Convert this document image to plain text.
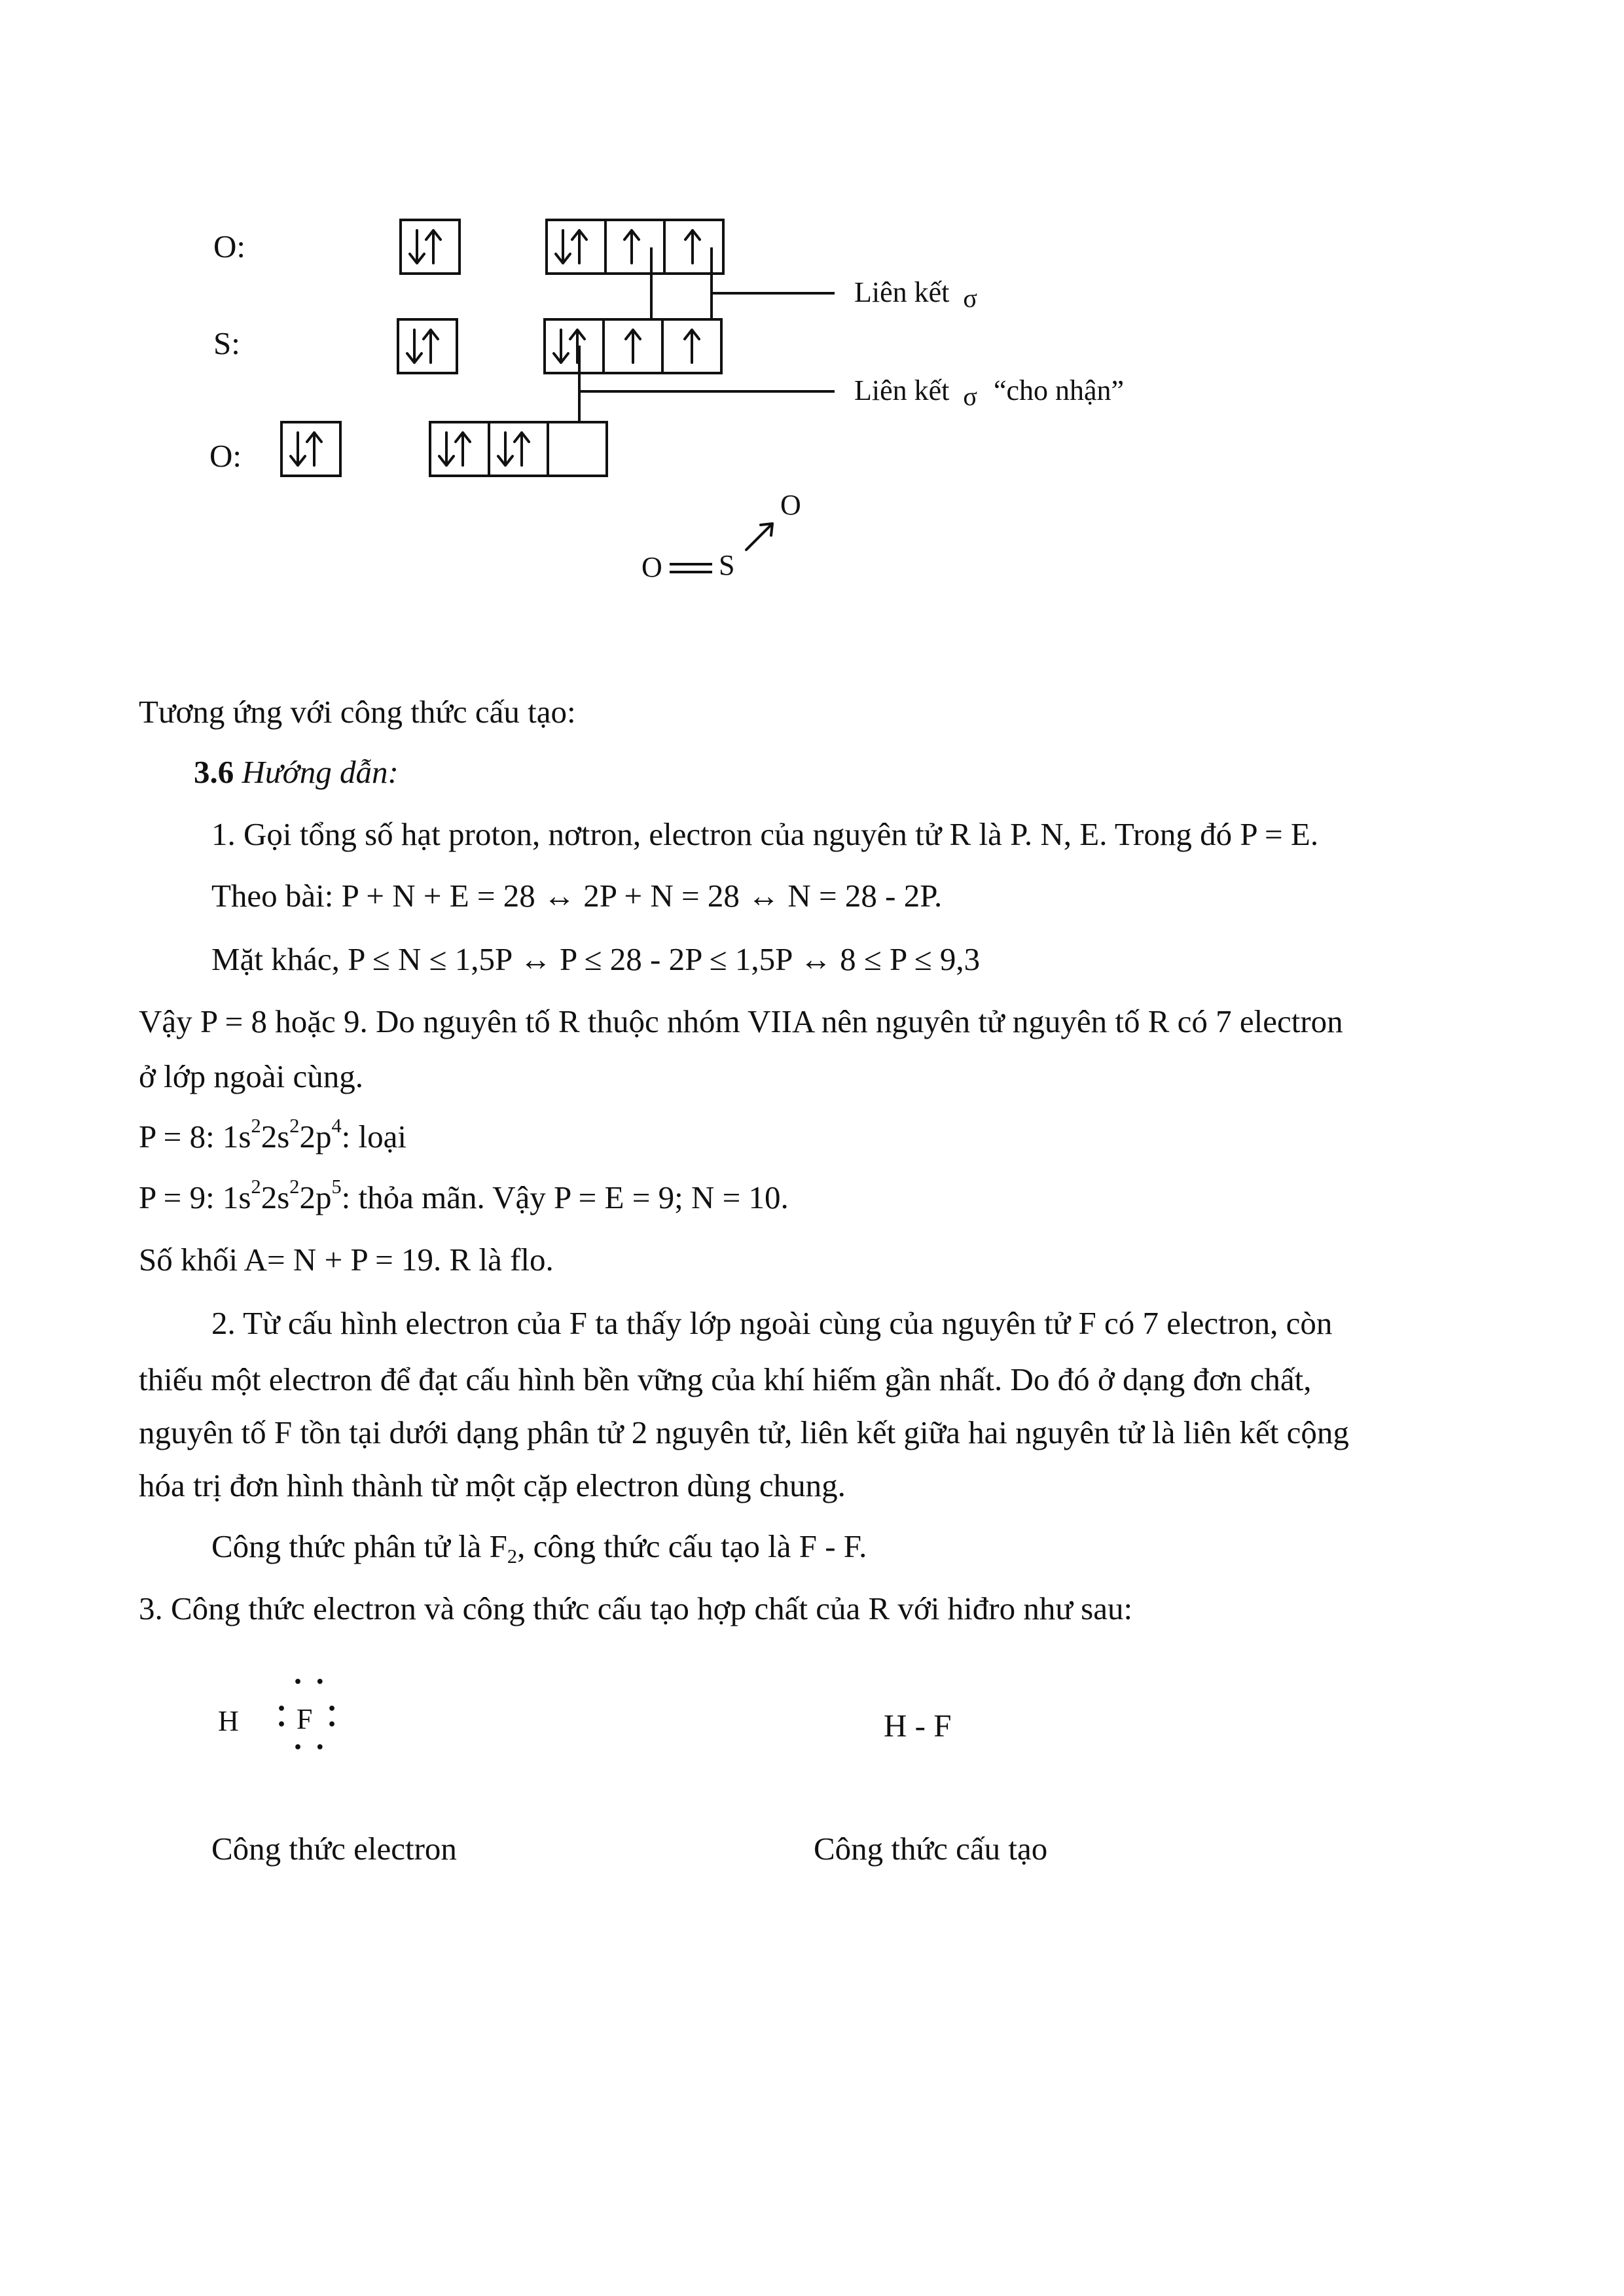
O:
S:
O:
Liên kết σ
Liên kết σ “cho nhận”
O S
O
Tương ứng với công thức cấu tạo:
3.6 Hướng dẫn:
1. Gọi tổng số hạt proton, nơtron, electron của nguyên tử R là P. N, E. Trong đó P = E.
Theo bài: P + N + E = 28 ↔ 2P + N = 28 ↔ N = 28 - 2P.
Mặt khác, P ≤ N ≤ 1,5P ↔ P ≤ 28 - 2P ≤ 1,5P ↔ 8 ≤ P ≤ 9,3
Vậy P = 8 hoặc 9. Do nguyên tố R thuộc nhóm VIIA nên nguyên tử nguyên tố R có 7 electron
ở lớp ngoài cùng.
P = 8: $1s^22s^22p^4$: loại
P = 9: $1s^22s^22p^5$: thỏa mãn. Vậy P = E = 9; N = 10.
Số khối A= N + P = 19. R là flo.
2. Từ cấu hình electron của F ta thấy lớp ngoài cùng của nguyên tử F có 7 electron, còn
thiếu một electron để đạt cấu hình bền vững của khí hiếm gần nhất. Do đó ở dạng đơn chất,
nguyên tố F tồn tại dưới dạng phân tử 2 nguyên tử, liên kết giữa hai nguyên tử là liên kết cộng
hóa trị đơn hình thành từ một cặp electron dùng chung.
Công thức phân tử là $F_2$, công thức cấu tạo là F - F.
3. Công thức electron và công thức cấu tạo hợp chất của R với hiđro như sau:
H
• •
•
• F •
•
• •
H - F
Công thức electron	Công thức cấu tạo
